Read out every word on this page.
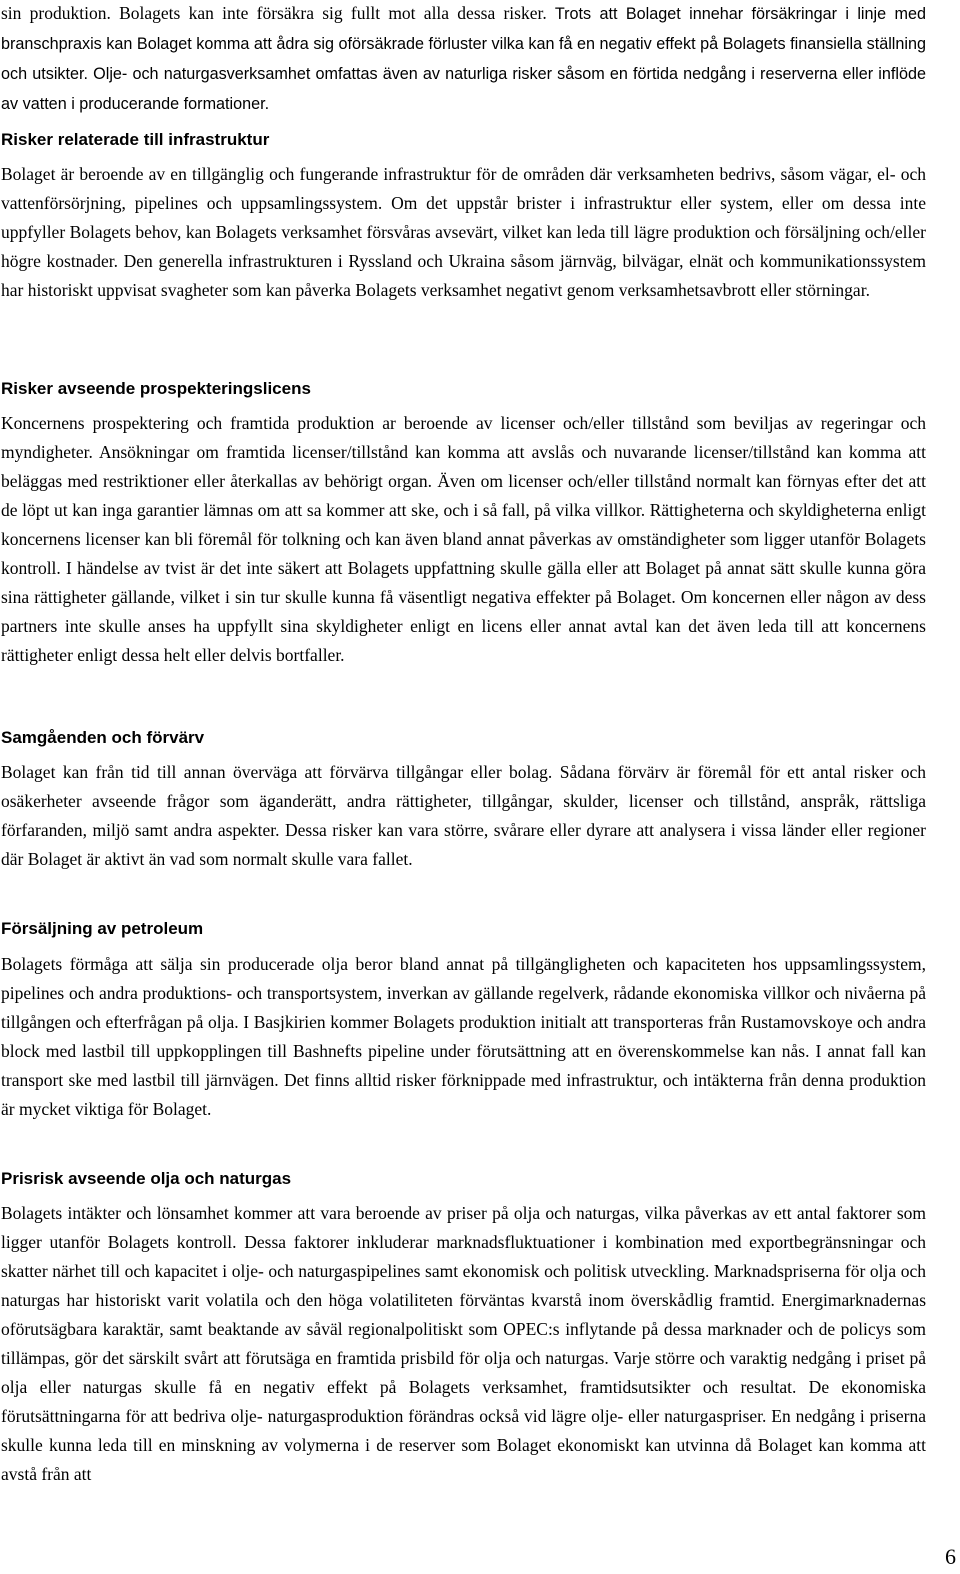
sin produktion. Bolagets kan inte försäkra sig fullt mot alla dessa risker. Trots att Bolaget innehar försäkringar i linje med branschpraxis kan Bolaget komma att ådra sig oförsäkrade förluster vilka kan få en negativ effekt på Bolagets finansiella ställning och utsikter. Olje- och naturgasverksamhet omfattas även av naturliga risker såsom en förtida nedgång i reserverna eller inflöde av vatten i producerande formationer.

Risker relaterade till infrastruktur

Bolaget är beroende av en tillgänglig och fungerande infrastruktur för de områden där verksamheten bedrivs, såsom vägar, el- och vattenförsörjning, pipelines och uppsamlingssystem. Om det uppstår brister i infrastruktur eller system, eller om dessa inte uppfyller Bolagets behov, kan Bolagets verksamhet försvåras avsevärt, vilket kan leda till lägre produktion och försäljning och/eller högre kostnader. Den generella infrastrukturen i Ryssland och Ukraina såsom järnväg, bilvägar, elnät och kommunikationssystem har historiskt uppvisat svagheter som kan påverka Bolagets verksamhet negativt genom verksamhetsavbrott eller störningar.

Risker avseende prospekteringslicens

Koncernens prospektering och framtida produktion ar beroende av licenser och/eller tillstånd som beviljas av regeringar och myndigheter. Ansökningar om framtida licenser/tillstånd kan komma att avslås och nuvarande licenser/tillstånd kan komma att beläggas med restriktioner eller återkallas av behörigt organ. Även om licenser och/eller tillstånd normalt kan förnyas efter det att de löpt ut kan inga garantier lämnas om att sa kommer att ske, och i så fall, på vilka villkor. Rättigheterna och skyldigheterna enligt koncernens licenser kan bli föremål för tolkning och kan även bland annat påverkas av omständigheter som ligger utanför Bolagets kontroll. I händelse av tvist är det inte säkert att Bolagets uppfattning skulle gälla eller att Bolaget på annat sätt skulle kunna göra sina rättigheter gällande, vilket i sin tur skulle kunna få väsentligt negativa effekter på Bolaget. Om koncernen eller någon av dess partners inte skulle anses ha uppfyllt sina skyldigheter enligt en licens eller annat avtal kan det även leda till att koncernens rättigheter enligt dessa helt eller delvis bortfaller.

Samgåenden och förvärv

Bolaget kan från tid till annan överväga att förvärva tillgångar eller bolag. Sådana förvärv är föremål för ett antal risker och osäkerheter avseende frågor som äganderätt, andra rättigheter, tillgångar, skulder, licenser och tillstånd, anspråk, rättsliga förfaranden, miljö samt andra aspekter. Dessa risker kan vara större, svårare eller dyrare att analysera i vissa länder eller regioner där Bolaget är aktivt än vad som normalt skulle vara fallet.

Försäljning av petroleum

Bolagets förmåga att sälja sin producerade olja beror bland annat på tillgängligheten och kapaciteten hos uppsamlingssystem, pipelines och andra produktions- och transportsystem, inverkan av gällande regelverk, rådande ekonomiska villkor och nivåerna på tillgången och efterfrågan på olja. I Basjkirien kommer Bolagets produktion initialt att transporteras från Rustamovskoye och andra block med lastbil till uppkopplingen till Bashnefts pipeline under förutsättning att en överenskommelse kan nås. I annat fall kan transport ske med lastbil till järnvägen. Det finns alltid risker förknippade med infrastruktur, och intäkterna från denna produktion är mycket viktiga för Bolaget.

Prisrisk avseende olja och naturgas

Bolagets intäkter och lönsamhet kommer att vara beroende av priser på olja och naturgas, vilka påverkas av ett antal faktorer som ligger utanför Bolagets kontroll. Dessa faktorer inkluderar marknadsfluktuationer i kombination med exportbegränsningar och skatter närhet till och kapacitet i olje- och naturgaspipelines samt ekonomisk och politisk utveckling. Marknadspriserna för olja och naturgas har historiskt varit volatila och den höga volatiliteten förväntas kvarstå inom överskådlig framtid. Energimarknadernas oförutsägbara karaktär, samt beaktande av såväl regionalpolitiskt som OPEC:s inflytande på dessa marknader och de policys som tillämpas, gör det särskilt svårt att förutsäga en framtida prisbild för olja och naturgas. Varje större och varaktig nedgång i priset på olja eller naturgas skulle få en negativ effekt på Bolagets verksamhet, framtidsutsikter och resultat. De ekonomiska förutsättningarna för att bedriva olje- naturgasproduktion förändras också vid lägre olje- eller naturgaspriser. En nedgång i priserna skulle kunna leda till en minskning av volymerna i de reserver som Bolaget ekonomiskt kan utvinna då Bolaget kan komma att avstå från att

6
